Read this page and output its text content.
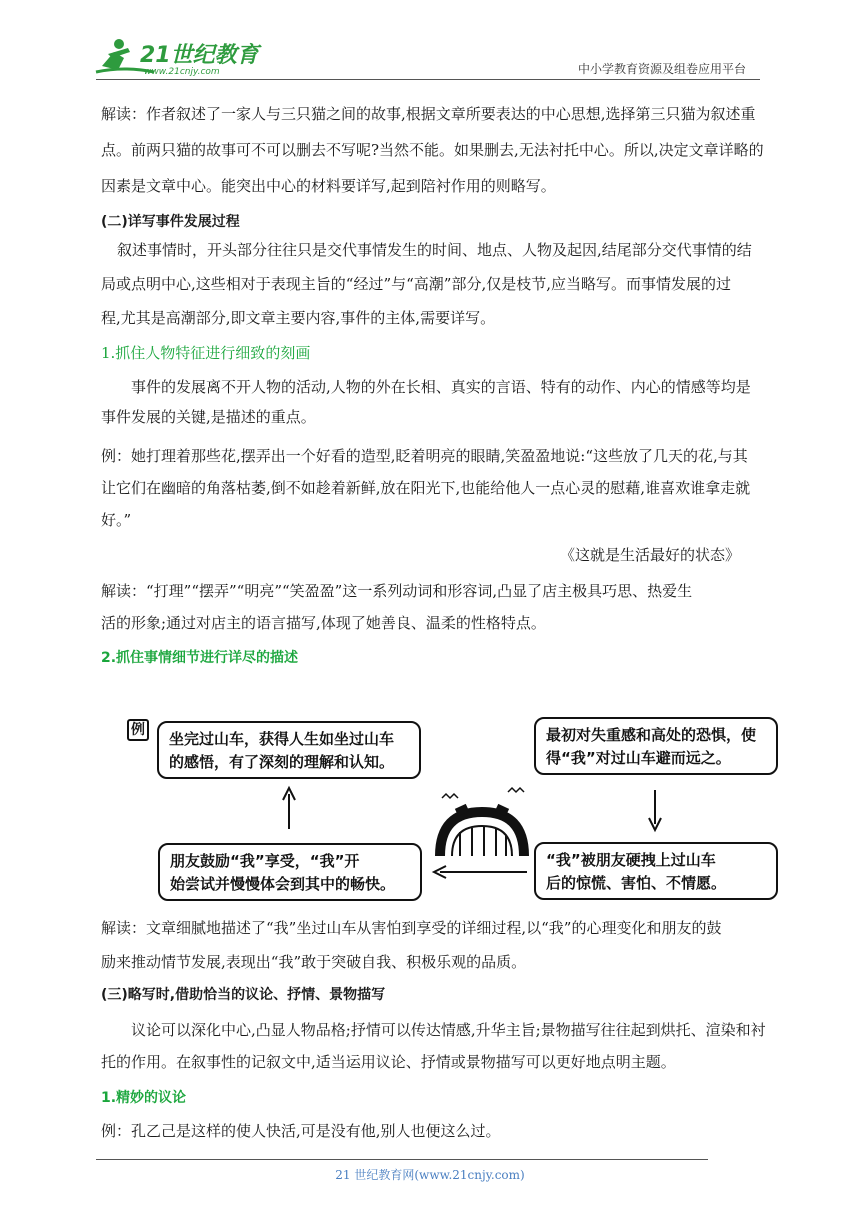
21世纪教育
www.21cnjy.com	中小学教育资源及组卷应用平台
解读：作者叙述了一家人与三只猫之间的故事,根据文章所要表达的中心思想,选择第三只猫为叙述重
点。前两只猫的故事可不可以删去不写呢?当然不能。如果删去,无法衬托中心。所以,决定文章详略的
因素是文章中心。能突出中心的材料要详写,起到陪衬作用的则略写。
(二)详写事件发展过程
叙述事情时，开头部分往往只是交代事情发生的时间、地点、人物及起因,结尾部分交代事情的结
局或点明中心,这些相对于表现主旨的“经过”与“高潮”部分,仅是枝节,应当略写。而事情发展的过
程,尤其是高潮部分,即文章主要内容,事件的主体,需要详写。
1.抓住人物特征进行细致的刻画
事件的发展离不开人物的活动,人物的外在长相、真实的言语、特有的动作、内心的情感等均是
事件发展的关键,是描述的重点。
例：她打理着那些花,摆弄出一个好看的造型,眨着明亮的眼睛,笑盈盈地说:“这些放了几天的花,与其
让它们在幽暗的角落枯萎,倒不如趁着新鲜,放在阳光下,也能给他人一点心灵的慰藉,谁喜欢谁拿走就
好。”
《这就是生活最好的状态》
解读：“打理”“摆弄”“明亮”“笑盈盈”这一系列动词和形容词,凸显了店主极具巧思、热爱生
活的形象;通过对店主的语言描写,体现了她善良、温柔的性格特点。
2.抓住事情细节进行详尽的描述
例 坐完过山车，获得人生如坐过山车
的感悟，有了深刻的理解和认知。
最初对失重感和高处的恐惧，使
得“我”对过山车避而远之。
朋友鼓励“我”享受，“我”开
始尝试并慢慢体会到其中的畅快。
“我”被朋友硬拽上过山车
后的惊慌、害怕、不情愿。
解读：文章细腻地描述了“我”坐过山车从害怕到享受的详细过程,以“我”的心理变化和朋友的鼓
励来推动情节发展,表现出“我”敢于突破自我、积极乐观的品质。
(三)略写时,借助恰当的议论、抒情、景物描写
议论可以深化中心,凸显人物品格;抒情可以传达情感,升华主旨;景物描写往往起到烘托、渲染和衬
托的作用。在叙事性的记叙文中,适当运用议论、抒情或景物描写可以更好地点明主题。
1.精妙的议论
例：孔乙己是这样的使人快活,可是没有他,别人也便这么过。
21 世纪教育网(www.21cnjy.com)
